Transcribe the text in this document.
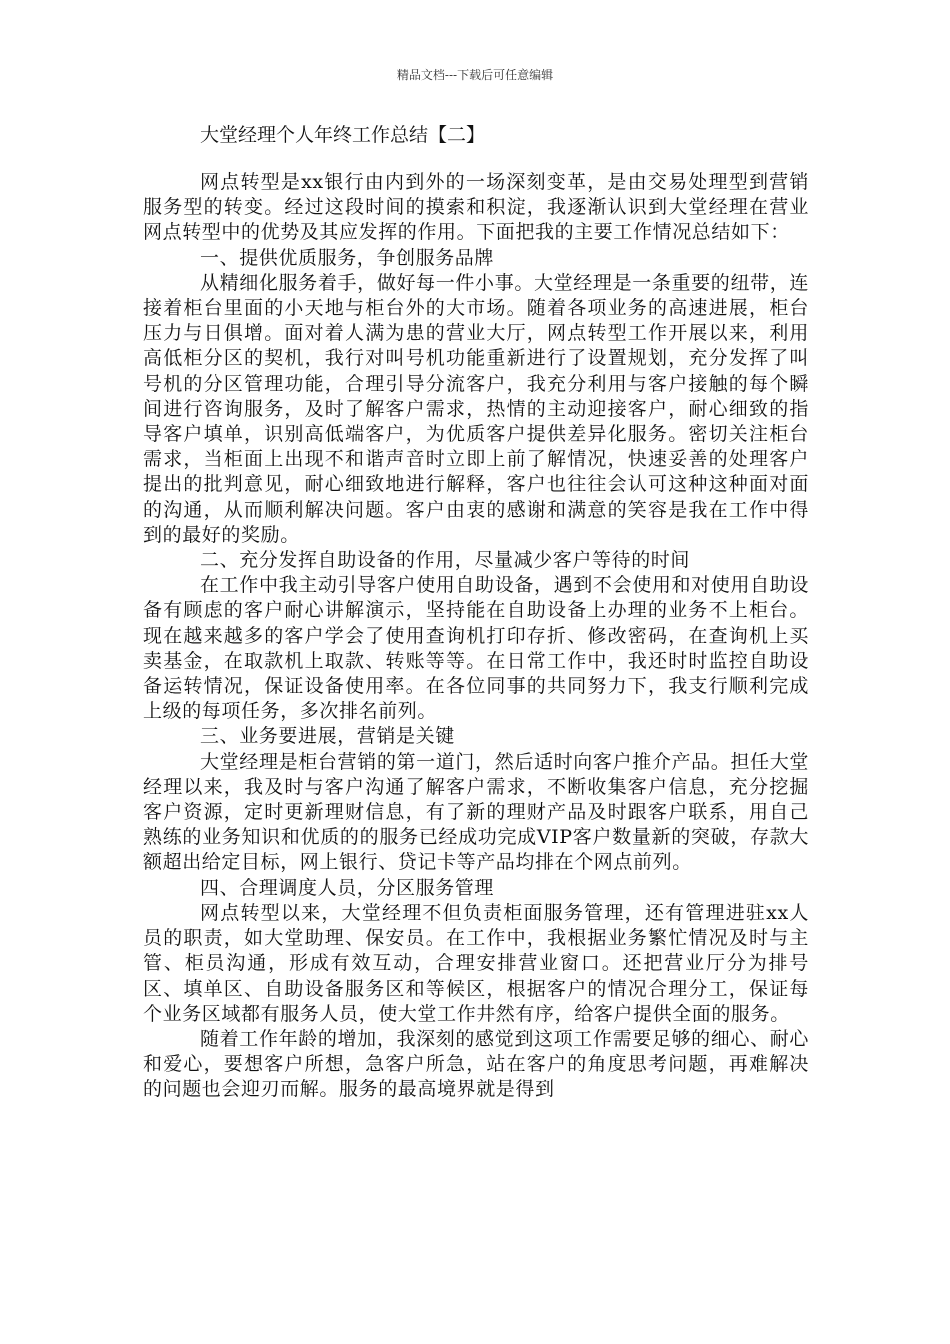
精品文档---下载后可任意编辑
大堂经理个人年终工作总结【二】

网点转型是xx银行由内到外的一场深刻变革，是由交易处理型到营销服务型的转变。经过这段时间的摸索和积淀，我逐渐认识到大堂经理在营业网点转型中的优势及其应发挥的作用。下面把我的主要工作情况总结如下：

一、提供优质服务，争创服务品牌

从精细化服务着手，做好每一件小事。大堂经理是一条重要的纽带，连接着柜台里面的小天地与柜台外的大市场。随着各项业务的高速进展，柜台压力与日俱增。面对着人满为患的营业大厅，网点转型工作开展以来，利用高低柜分区的契机，我行对叫号机功能重新进行了设置规划，充分发挥了叫号机的分区管理功能，合理引导分流客户，我充分利用与客户接触的每个瞬间进行咨询服务，及时了解客户需求，热情的主动迎接客户，耐心细致的指导客户填单，识别高低端客户，为优质客户提供差异化服务。密切关注柜台需求，当柜面上出现不和谐声音时立即上前了解情况，快速妥善的处理客户提出的批判意见，耐心细致地进行解释，客户也往往会认可这种这种面对面的沟通，从而顺利解决问题。客户由衷的感谢和满意的笑容是我在工作中得到的最好的奖励。

二、充分发挥自助设备的作用，尽量减少客户等待的时间

在工作中我主动引导客户使用自助设备，遇到不会使用和对使用自助设备有顾虑的客户耐心讲解演示，坚持能在自助设备上办理的业务不上柜台。现在越来越多的客户学会了使用查询机打印存折、修改密码，在查询机上买卖基金，在取款机上取款、转账等等。在日常工作中，我还时时监控自助设备运转情况，保证设备使用率。在各位同事的共同努力下，我支行顺利完成上级的每项任务，多次排名前列。

三、业务要进展，营销是关键

大堂经理是柜台营销的第一道门，然后适时向客户推介产品。担任大堂经理以来，我及时与客户沟通了解客户需求，不断收集客户信息，充分挖掘客户资源，定时更新理财信息，有了新的理财产品及时跟客户联系，用自己熟练的业务知识和优质的的服务已经成功完成VIP客户数量新的突破，存款大额超出给定目标，网上银行、贷记卡等产品均排在个网点前列。

四、合理调度人员，分区服务管理

网点转型以来，大堂经理不但负责柜面服务管理，还有管理进驻xx人员的职责，如大堂助理、保安员。在工作中，我根据业务繁忙情况及时与主管、柜员沟通，形成有效互动，合理安排营业窗口。还把营业厅分为排号区、填单区、自助设备服务区和等候区，根据客户的情况合理分工，保证每个业务区域都有服务人员，使大堂工作井然有序，给客户提供全面的服务。

随着工作年龄的增加，我深刻的感觉到这项工作需要足够的细心、耐心和爱心，要想客户所想，急客户所急，站在客户的角度思考问题，再难解决的问题也会迎刃而解。服务的最高境界就是得到
